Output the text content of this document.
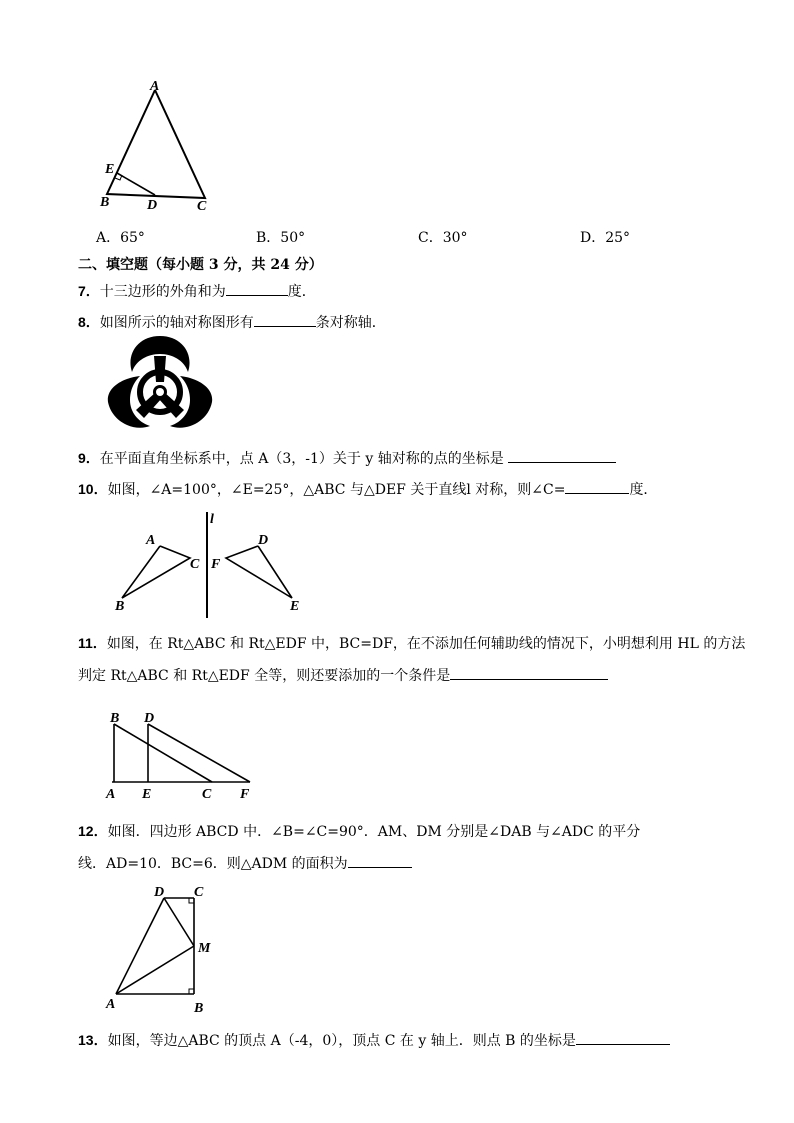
A
E
B	D	C
A．65°	B．50°	C．30°	D．25°
二、填空题（每小题 3 分，共 24 分）
7．十三边形的外角和为	度．
8．如图所示的轴对称图形有	条对称轴．
9．在平面直角坐标系中，点 A（3，-1）关于 y 轴对称的点的坐标是
10．如图，∠A=100°，∠E=25°，△ABC 与△DEF 关于直线l 对称，则∠C=	度．
l
A
C
B
F
D
E
11．如图，在 Rt△ABC 和 Rt△EDF 中，BC=DF，在不添加任何辅助线的情况下，小明想利用 HL 的方法
判定 Rt△ABC 和 Rt△EDF 全等，则还要添加的一个条件是
B D
A E	C F
12．如图．四边形 ABCD 中．∠B=∠C=90°．AM、DM 分别是∠DAB 与∠ADC 的平分
线．AD=10．BC=6．则△ADM 的面积为
D C
M
A	B
13．如图，等边△ABC 的顶点 A（-4，0），顶点 C 在 y 轴上．则点 B 的坐标是
